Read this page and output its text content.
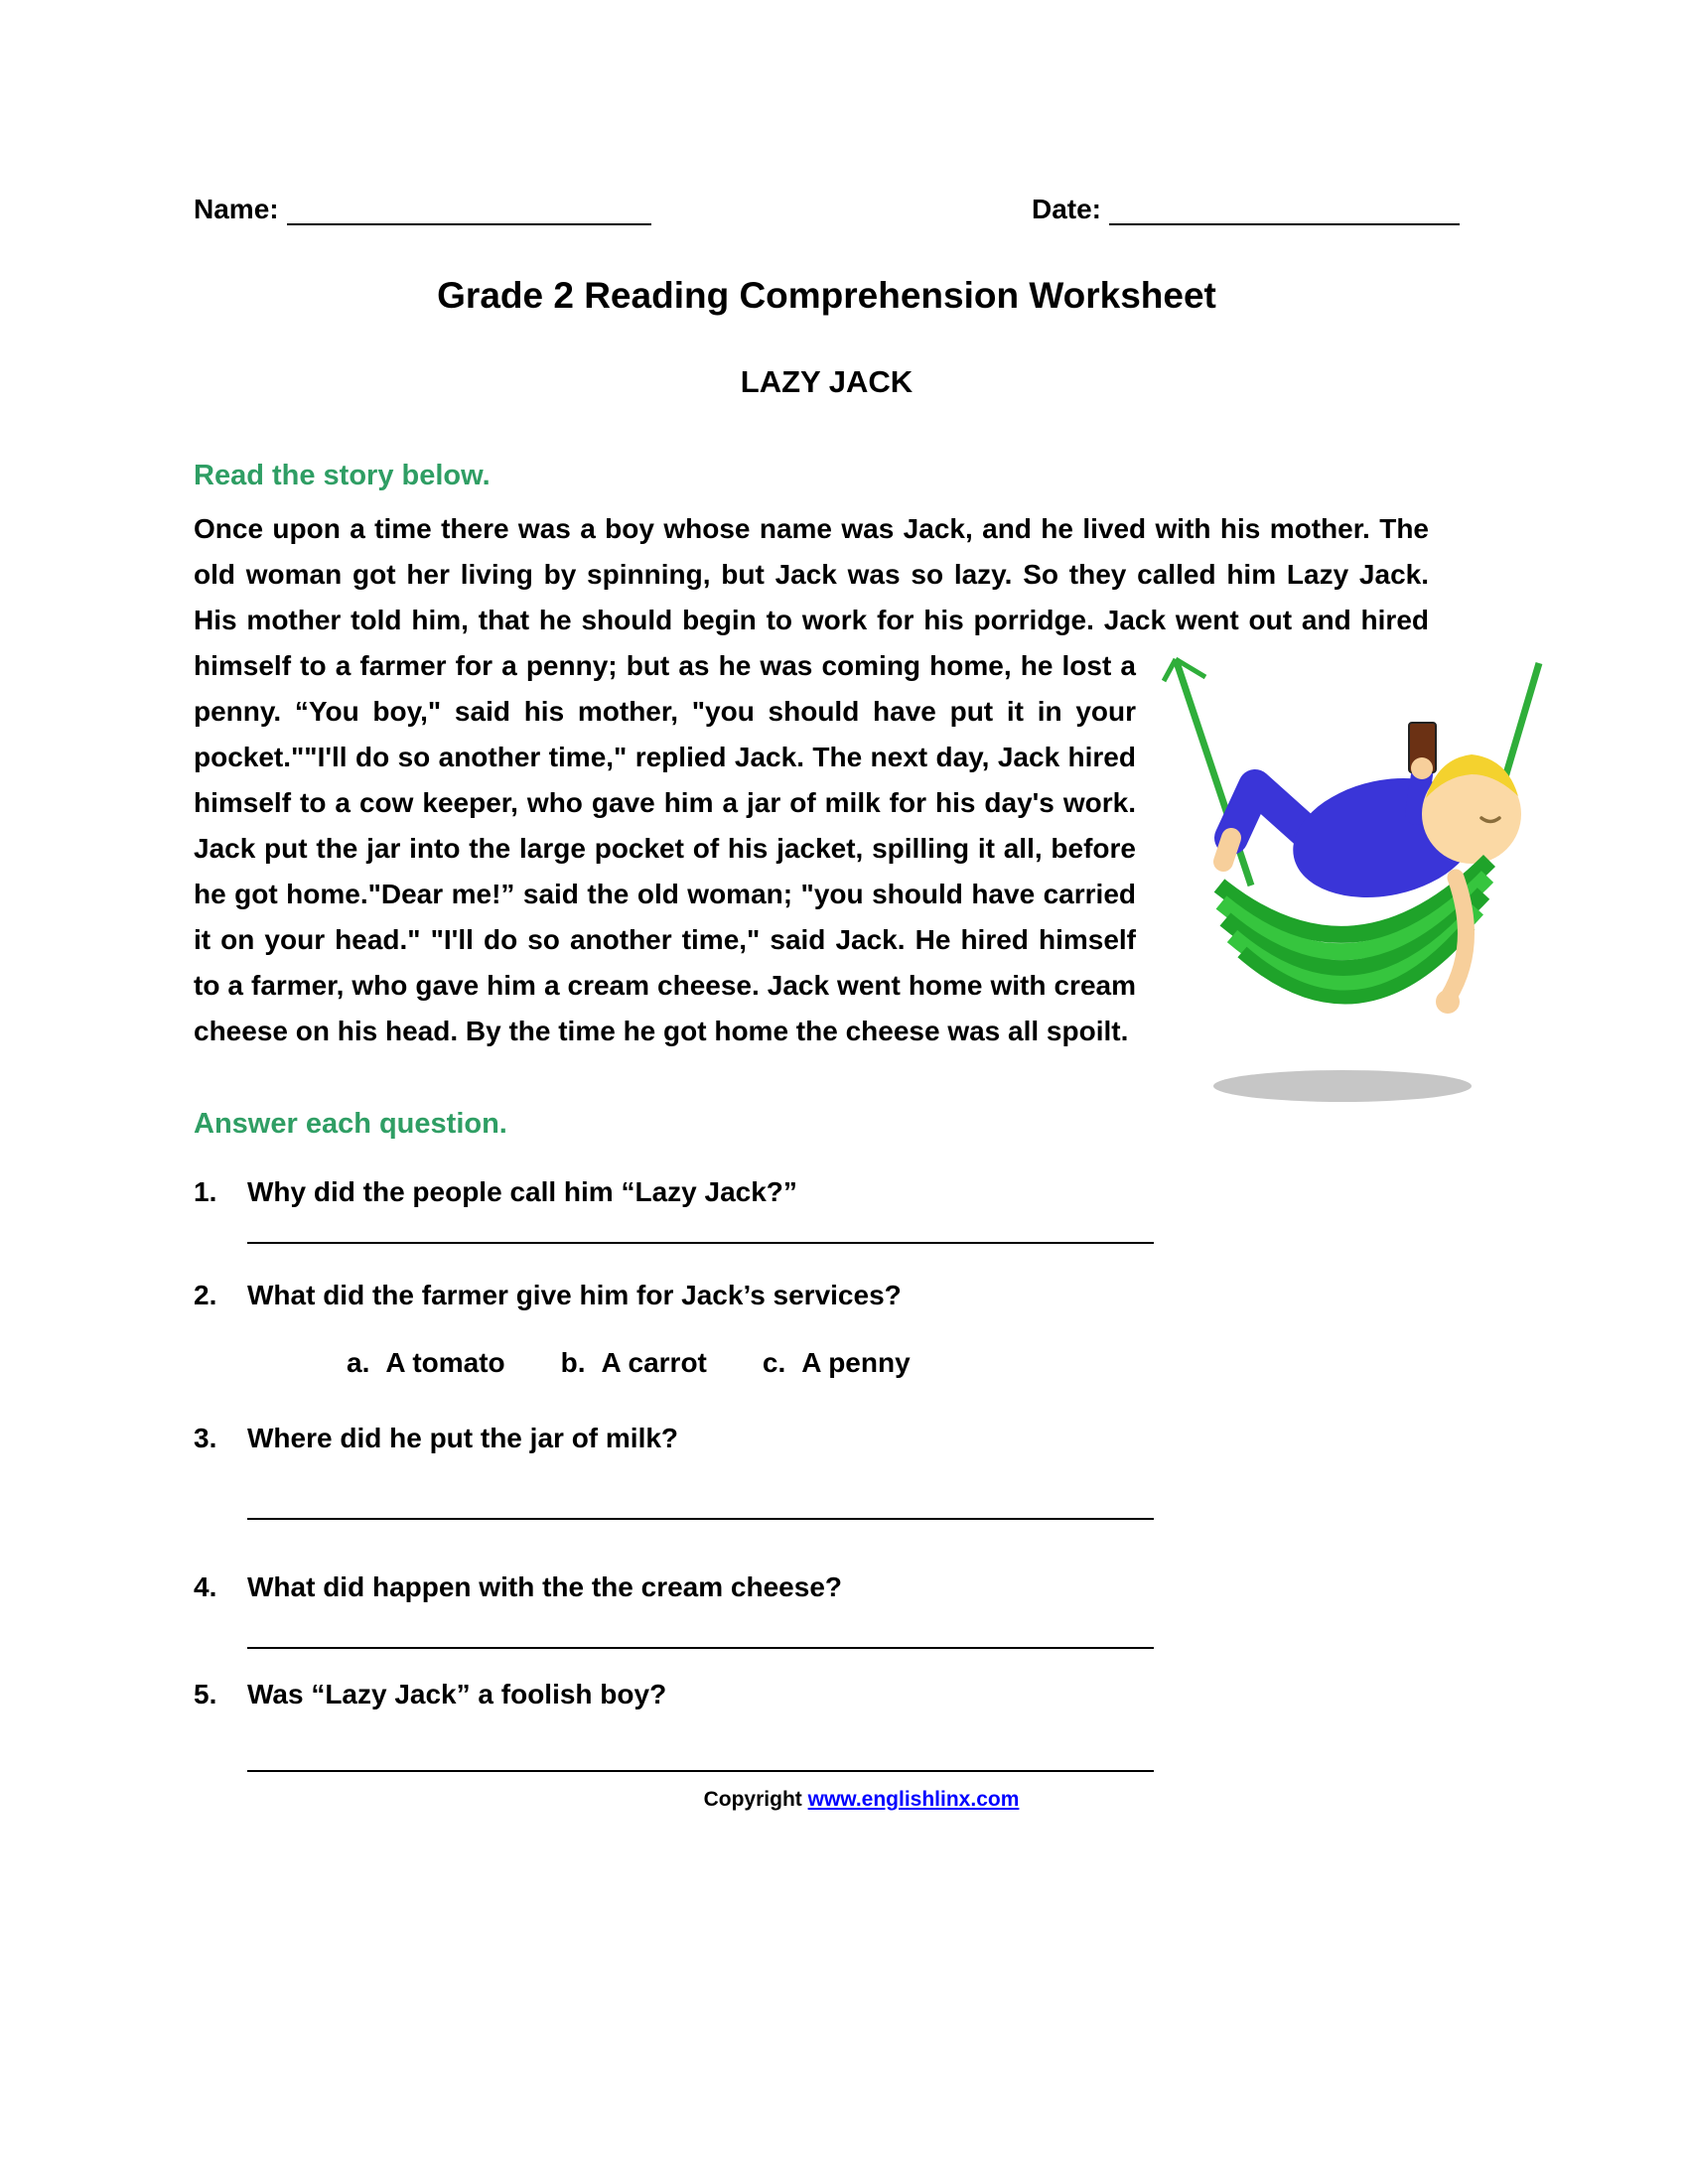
Name:	Date:
Grade 2 Reading Comprehension Worksheet
LAZY JACK
Read the story below.
Once upon a time there was a boy whose name was Jack, and he lived with his mother. The old woman got her living by spinning, but Jack was so lazy. So they called him Lazy Jack. His mother told him, that he should begin to work for his porridge. Jack went out and hired himself to a farmer for a
penny; but as he was coming home, he lost a penny. “You boy," said his mother, "you should have put it in your pocket.""I'll do so another time," replied Jack. The next day, Jack hired himself to a cow keeper, who gave him a jar of milk for his day's work. Jack put the jar into the large pocket of his jacket, spilling it all, before he got home."Dear me!” said the old woman; "you should have carried it on your head." "I'll do so another time," said Jack. He hired himself to a farmer, who gave him a cream cheese. Jack went home with cream cheese on his head. By the time he got home the cheese was all spoilt.
Answer each question.
1.	Why did the people call him “Lazy Jack?”
2.	What did the farmer give him for Jack’s services?
a. A tomato b. A carrot c. A penny
3.	Where did he put the jar of milk?
4.	What did happen with the the cream cheese?
5.	Was “Lazy Jack” a foolish boy?
Copyright www.englishlinx.com
